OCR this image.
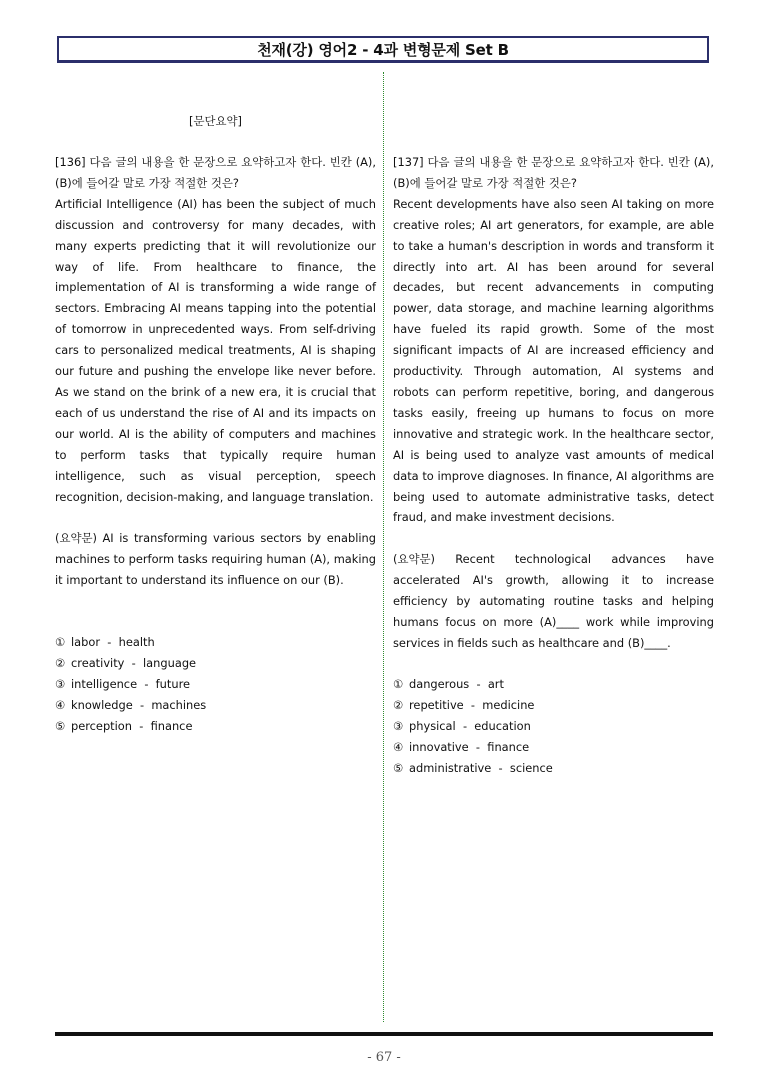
천재(강) 영어2 - 4과 변형문제 Set B
[문단요약]

[136] 다음 글의 내용을 한 문장으로 요약하고자 한다. 빈칸 (A),(B)에 들어갈 말로 가장 적절한 것은?

Artificial Intelligence (AI) has been the subject of much discussion and controversy for many decades, with many experts predicting that it will revolutionize our way of life. From healthcare to finance, the implementation of AI is transforming a wide range of sectors. Embracing AI means tapping into the potential of tomorrow in unprecedented ways. From self-driving cars to personalized medical treatments, AI is shaping our future and pushing the envelope like never before. As we stand on the brink of a new era, it is crucial that each of us understand the rise of AI and its impacts on our world. AI is the ability of computers and machines to perform tasks that typically require human intelligence, such as visual perception, speech recognition, decision-making, and language translation.

(요약문) AI is transforming various sectors by enabling machines to perform tasks requiring human (A), making it important to understand its influence on our (B).
① labor  -  health
② creativity  -  language
③ intelligence  -  future
④ knowledge  -  machines
⑤ perception  -  finance

[137] 다음 글의 내용을 한 문장으로 요약하고자 한다. 빈칸 (A),(B)에 들어갈 말로 가장 적절한 것은?

Recent developments have also seen AI taking on more creative roles; AI art generators, for example, are able to take a human's description in words and transform it directly into art. AI has been around for several decades, but recent advancements in computing power, data storage, and machine learning algorithms have fueled its rapid growth. Some of the most significant impacts of AI are increased efficiency and productivity. Through automation, AI systems and robots can perform repetitive, boring, and dangerous tasks easily, freeing up humans to focus on more innovative and strategic work. In the healthcare sector, AI is being used to analyze vast amounts of medical data to improve diagnoses. In finance, AI algorithms are being used to automate administrative tasks, detect fraud, and make investment decisions.

(요약문) Recent technological advances have accelerated AI's growth, allowing it to increase efficiency by automating routine tasks and helping humans focus on more (A)____ work while improving services in fields such as healthcare and (B)____.
① dangerous  -  art
② repetitive  -  medicine
③ physical  -  education
④ innovative  -  finance
⑤ administrative  -  science
- 67 -
